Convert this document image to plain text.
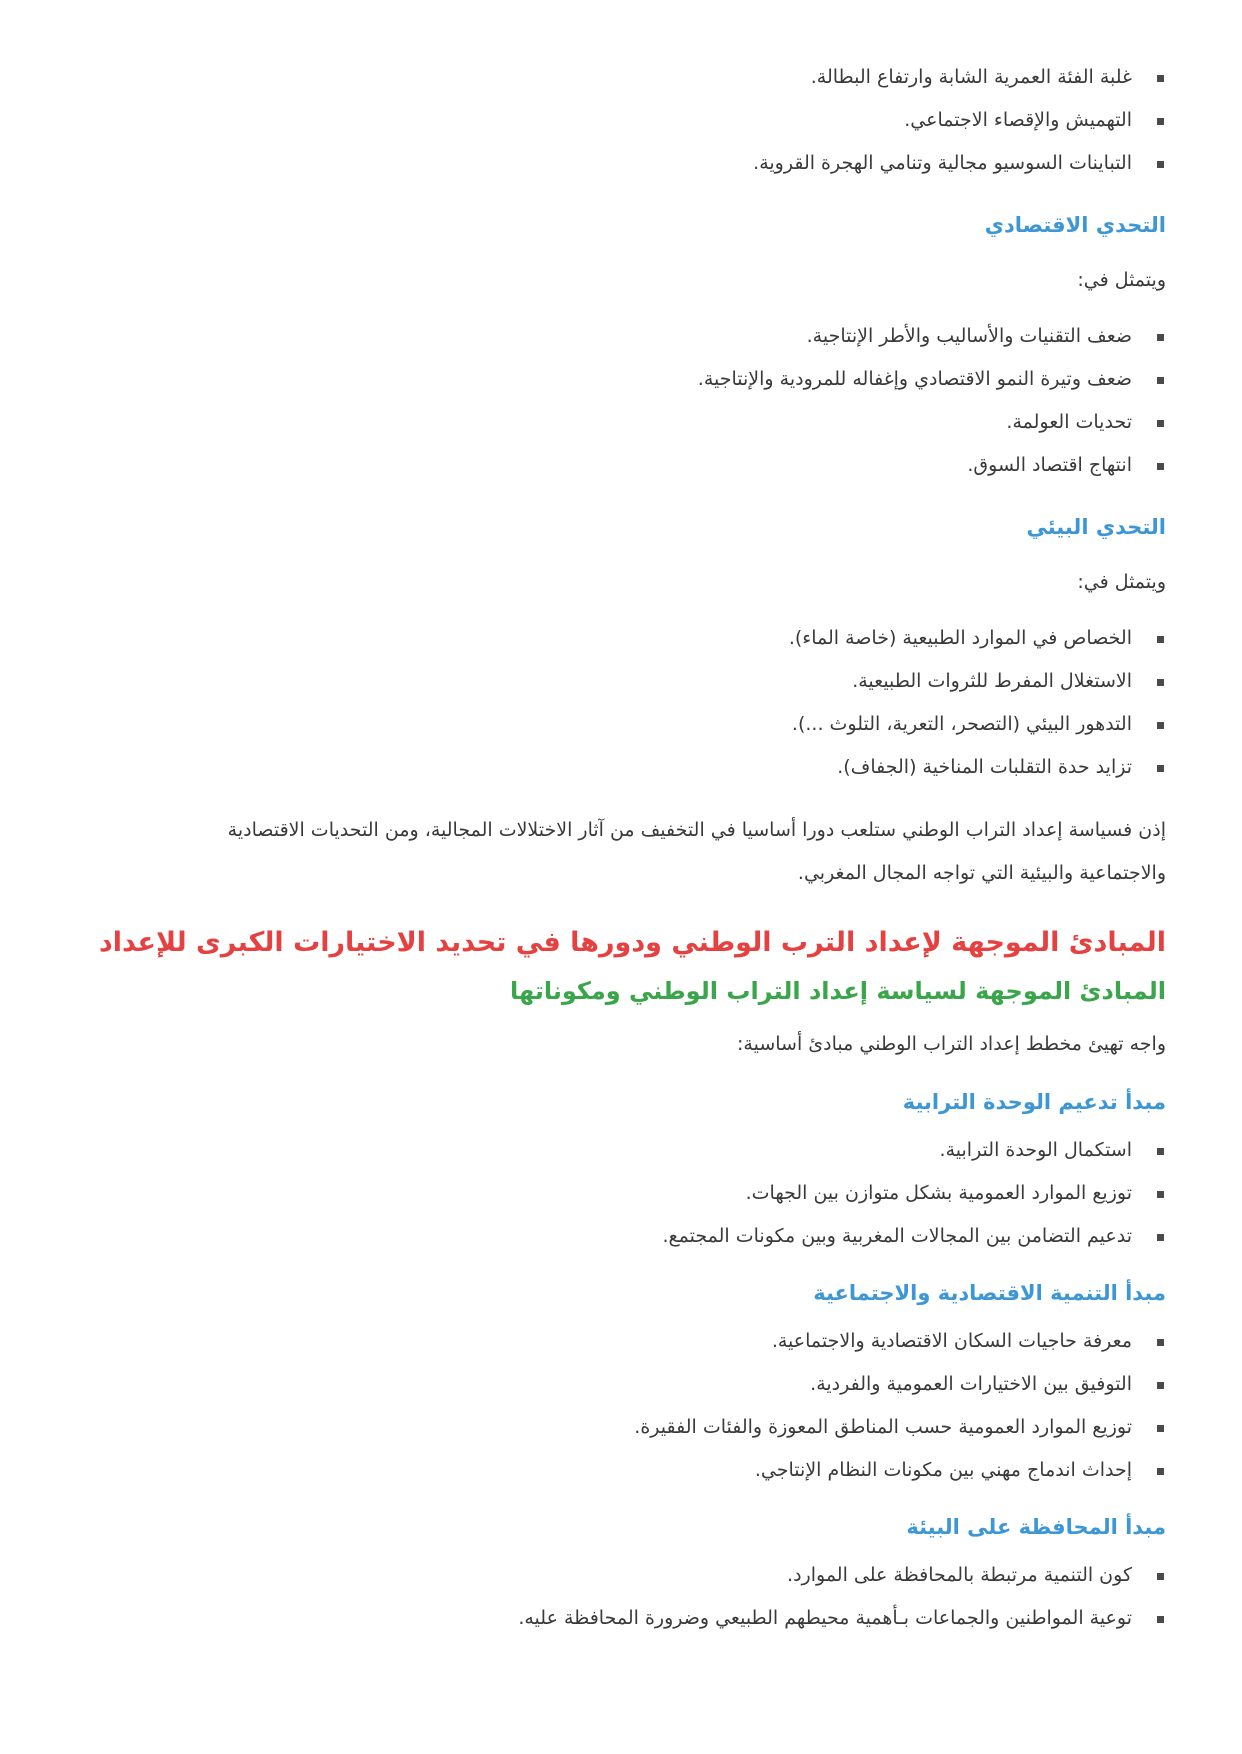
غلبة الفئة العمرية الشابة وارتفاع البطالة.
التهميش والإقصاء الاجتماعي.
التباينات السوسيو مجالية وتنامي الهجرة القروية.
التحدي الاقتصادي

ويتمثل في:

ضعف التقنيات والأساليب والأطر الإنتاجية.
ضعف وتيرة النمو الاقتصادي وإغفاله للمرودية والإنتاجية.
تحديات العولمة.
انتهاج اقتصاد السوق.
التحدي البيئي

ويتمثل في:

الخصاص في الموارد الطبيعية (خاصة الماء).
الاستغلال المفرط للثروات الطبيعية.
التدهور البيئي (التصحر، التعرية، التلوث ...).
تزايد حدة التقلبات المناخية (الجفاف).

إذن فسياسة إعداد التراب الوطني ستلعب دورا أساسيا في التخفيف من آثار الاختلالات المجالية، ومن التحديات الاقتصادية

والاجتماعية والبيئية التي تواجه المجال المغربي.

المبادئ الموجهة لإعداد الترب الوطني ودورها في تحديد الاختيارات الكبرى للإعداد
المبادئ الموجهة لسياسة إعداد التراب الوطني ومكوناتها

واجه تهيئ مخطط إعداد التراب الوطني مبادئ أساسية:

مبدأ تدعيم الوحدة الترابية
استكمال الوحدة الترابية.
توزيع الموارد العمومية بشكل متوازن بين الجهات.
تدعيم التضامن بين المجالات المغربية وبين مكونات المجتمع.
مبدأ التنمية الاقتصادية والاجتماعية
معرفة حاجيات السكان الاقتصادية والاجتماعية.
التوفيق بين الاختيارات العمومية والفردية.
توزيع الموارد العمومية حسب المناطق المعوزة والفئات الفقيرة.
إحداث اندماج مهني بين مكونات النظام الإنتاجي.
مبدأ المحافظة على البيئة
كون التنمية مرتبطة بالمحافظة على الموارد.
توعية المواطنين والجماعات بـأهمية محيطهم الطبيعي وضرورة المحافظة عليه.
